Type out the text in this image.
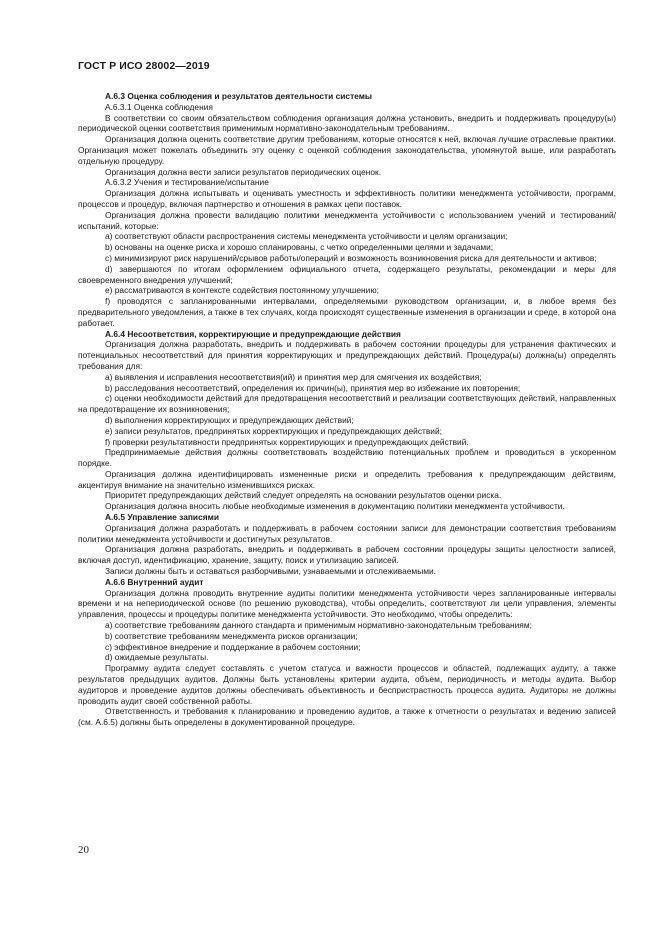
ГОСТ Р ИСО 28002—2019

А.6.3 Оценка соблюдения и результатов деятельности системы

А.6.3.1 Оценка соблюдения

В соответствии со своим обязательством соблюдения организация должна установить, внедрить и поддерживать процедуру(ы) периодической оценки соответствия применимым нормативно-законодательным требованиям.

Организация должна оценить соответствие другим требованиям, которые относятся к ней, включая лучшие отраслевые практики. Организация может пожелать объединить эту оценку с оценкой соблюдения законодательства, упомянутой выше, или разработать отдельную процедуру.

Организация должна вести записи результатов периодических оценок.

А.6.3.2 Учения и тестирование/испытание

Организация должна испытывать и оценивать уместность и эффективность политики менеджмента устойчивости, программ, процессов и процедур, включая партнерство и отношения в рамках цепи поставок.

Организация должна провести валидацию политики менеджмента устойчивости с использованием учений и тестирований/испытаний, которые:

a) соответствуют области распространения системы менеджмента устойчивости и целям организации;

b) основаны на оценке риска и хорошо спланированы, с четко определенными целями и задачами;

c) минимизируют риск нарушений/срывов работы/операций и возможность возникновения риска для деятельности и активов;

d) завершаются по итогам оформлением официального отчета, содержащего результаты, рекомендации и меры для своевременного внедрения улучшений;

e) рассматриваются в контексте содействия постоянному улучшению;

f) проводятся с запланированными интервалами, определяемыми руководством организации, и, в любое время без предварительного уведомления, а также в тех случаях, когда происходят существенные изменения в организации и среде, в которой она работает.

А.6.4 Несоответствия, корректирующие и предупреждающие действия

Организация должна разработать, внедрить и поддерживать в рабочем состоянии процедуры для устранения фактических и потенциальных несоответствий для принятия корректирующих и предупреждающих действий. Процедура(ы) должна(ы) определять требования для:

a) выявления и исправления несоответствия(ий) и принятия мер для смягчения их воздействия;

b) расследования несоответствий, определения их причин(ы), принятия мер во избежание их повторения;

c) оценки необходимости действий для предотвращения несоответствий и реализации соответствующих действий, направленных на предотвращение их возникновения;

d) выполнения корректирующих и предупреждающих действий;

e) записи результатов, предпринятых корректирующих и предупреждающих действий;

f) проверки результативности предпринятых корректирующих и предупреждающих действий.

Предпринимаемые действия должны соответствовать воздействию потенциальных проблем и проводиться в ускоренном порядке.

Организация должна идентифицировать измененные риски и определить требования к предупреждающим действиям, акцентируя внимание на значительно изменившихся рисках.

Приоритет предупреждающих действий следует определять на основании результатов оценки риска.

Организация должна вносить любые необходимые изменения в документацию политики менеджмента устойчивости.

А.6.5 Управление записями

Организация должна разработать и поддерживать в рабочем состоянии записи для демонстрации соответствия требованиям политики менеджмента устойчивости и достигнутых результатов.

Организация должна разработать, внедрить и поддерживать в рабочем состоянии процедуры защиты целостности записей, включая доступ, идентификацию, хранение, защиту, поиск и утилизацию записей.

Записи должны быть и оставаться разборчивыми, узнаваемыми и отслеживаемыми.

А.6.6 Внутренний аудит

Организация должна проводить внутренние аудиты политики менеджмента устойчивости через запланированные интервалы времени и на непериодической основе (по решению руководства), чтобы определить, соответствуют ли цели управления, элементы управления, процессы и процедуры политике менеджмента устойчивости. Это необходимо, чтобы определить:

a) соответствие требованиям данного стандарта и применимым нормативно-законодательным требованиям;

b) соответствие требованиям менеджмента рисков организации;

c) эффективное внедрение и поддержание в рабочем состоянии;

d) ожидаемые результаты.

Программу аудита следует составлять с учетом статуса и важности процессов и областей, подлежащих аудиту, а также результатов предыдущих аудитов. Должны быть установлены критерии аудита, объем, периодичность и методы аудита. Выбор аудиторов и проведение аудитов должны обеспечивать объективность и беспристрастность процесса аудита. Аудиторы не должны проводить аудит своей собственной работы.

Ответственность и требования к планированию и проведению аудитов, а также к отчетности о результатах и ведению записей (см. А.6.5) должны быть определены в документированной процедуре.

20
